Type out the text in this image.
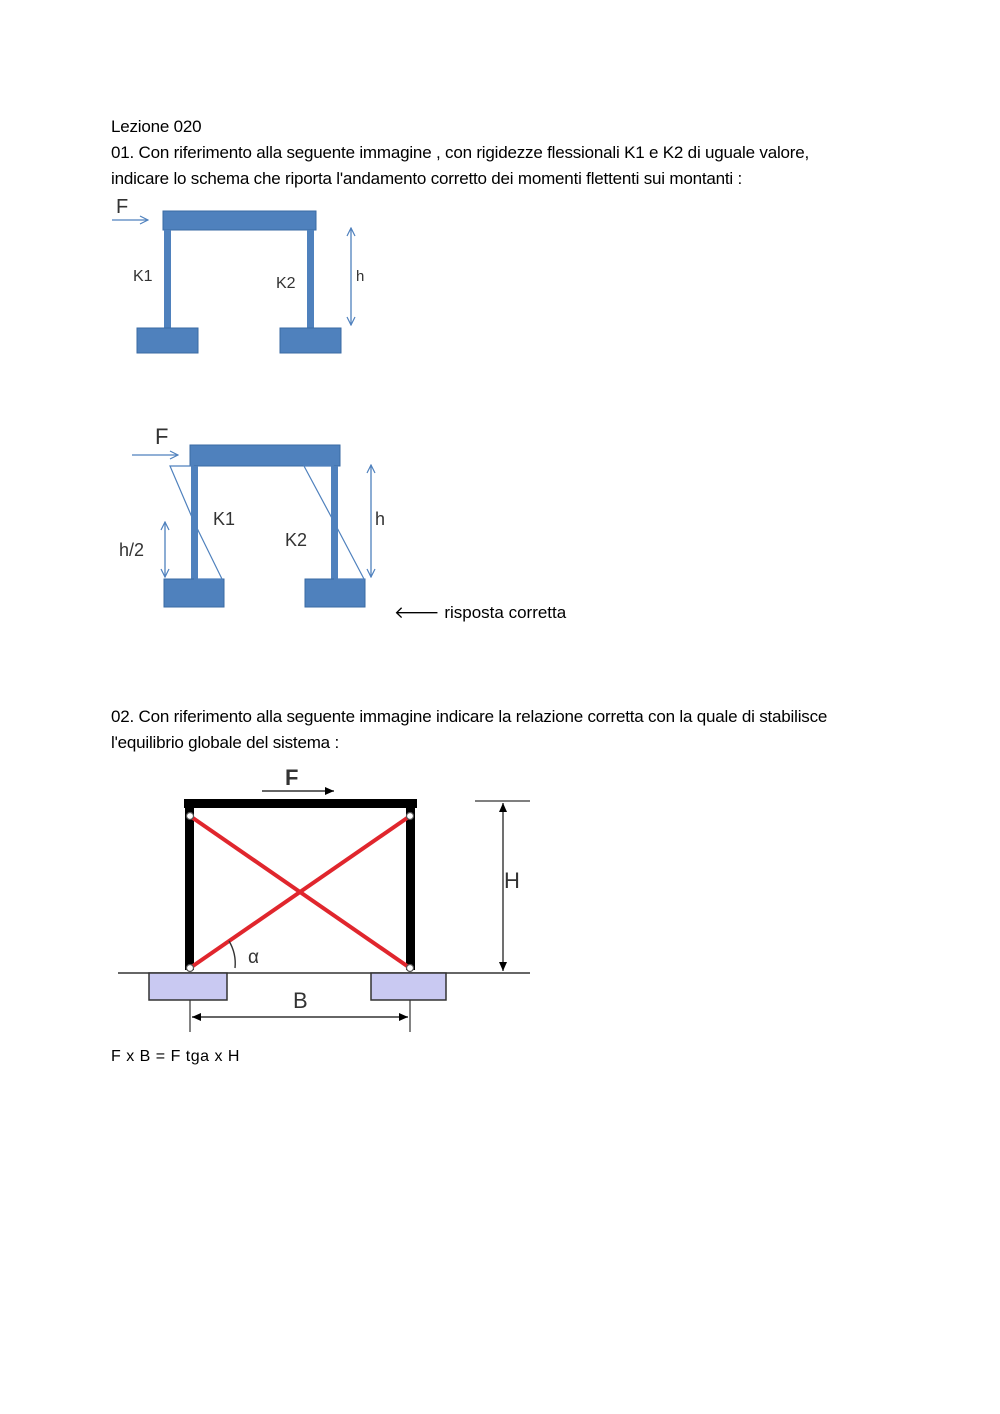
Lezione 020
01. Con riferimento alla seguente immagine , con rigidezze flessionali K1 e K2 di uguale valore,
indicare lo schema che riporta l'andamento corretto dei momenti flettenti sui montanti :
02. Con riferimento alla seguente immagine indicare la relazione corretta con la quale di stabilisce
l'equilibrio globale del sistema :
🡐 risposta corretta
F x B = F tga x H
F
K1	K2	h
F
K1
K2
h/2
h
F
α
H
B
